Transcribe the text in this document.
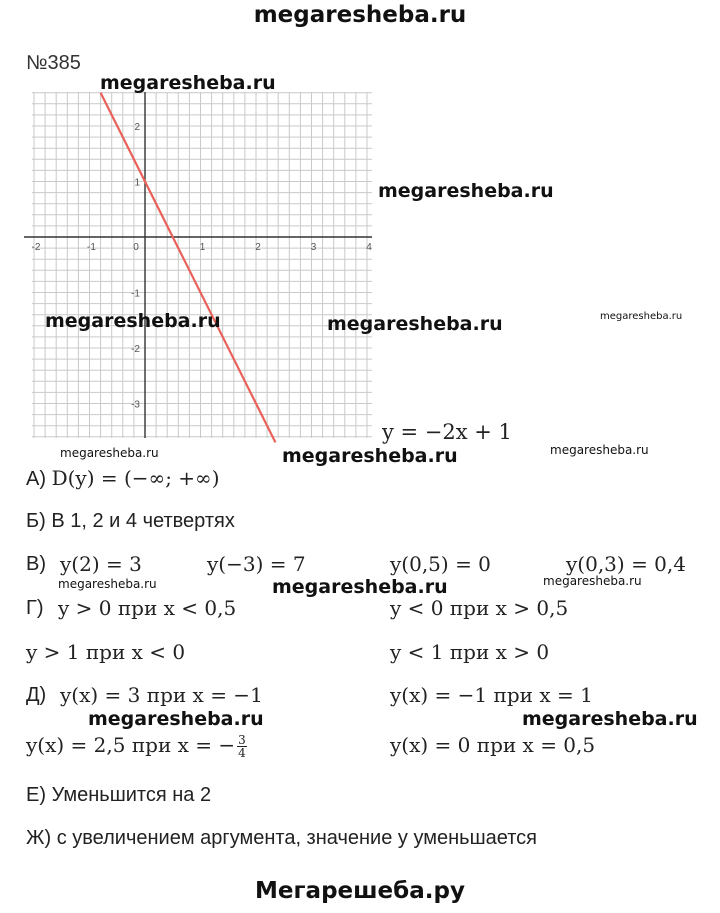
megaresheba.ru
Мегарешеба.ру
№385
-2	-1	0	1	2	3	4
2
1
-1
-2
-3
y = −2x + 1
megaresheba.ru
megaresheba.ru
megaresheba.ru	megaresheba.ru	megaresheba.ru
megaresheba.ru	megaresheba.ru	megaresheba.ru
megaresheba.ru	megaresheba.ru	megaresheba.ru
megaresheba.ru	megaresheba.ru
А) D(y) = (−∞; +∞)
Б) В 1, 2 и 4 четвертях
В) y(2) = 3	y(−3) = 7	y(0,5) = 0	y(0,3) = 0,4
Г) y > 0 при x < 0,5	y < 0 при x > 0,5
y > 1 при x < 0	y < 1 при x > 0
Д) y(x) = 3 при x = −1	y(x) = −1 при x = 1
y(x) = 2,5 при x = − $\frac{3}{4}$	y(x) = 0 при x = 0,5
Е) Уменьшится на 2
Ж) с увеличением аргумента, значение у уменьшается
